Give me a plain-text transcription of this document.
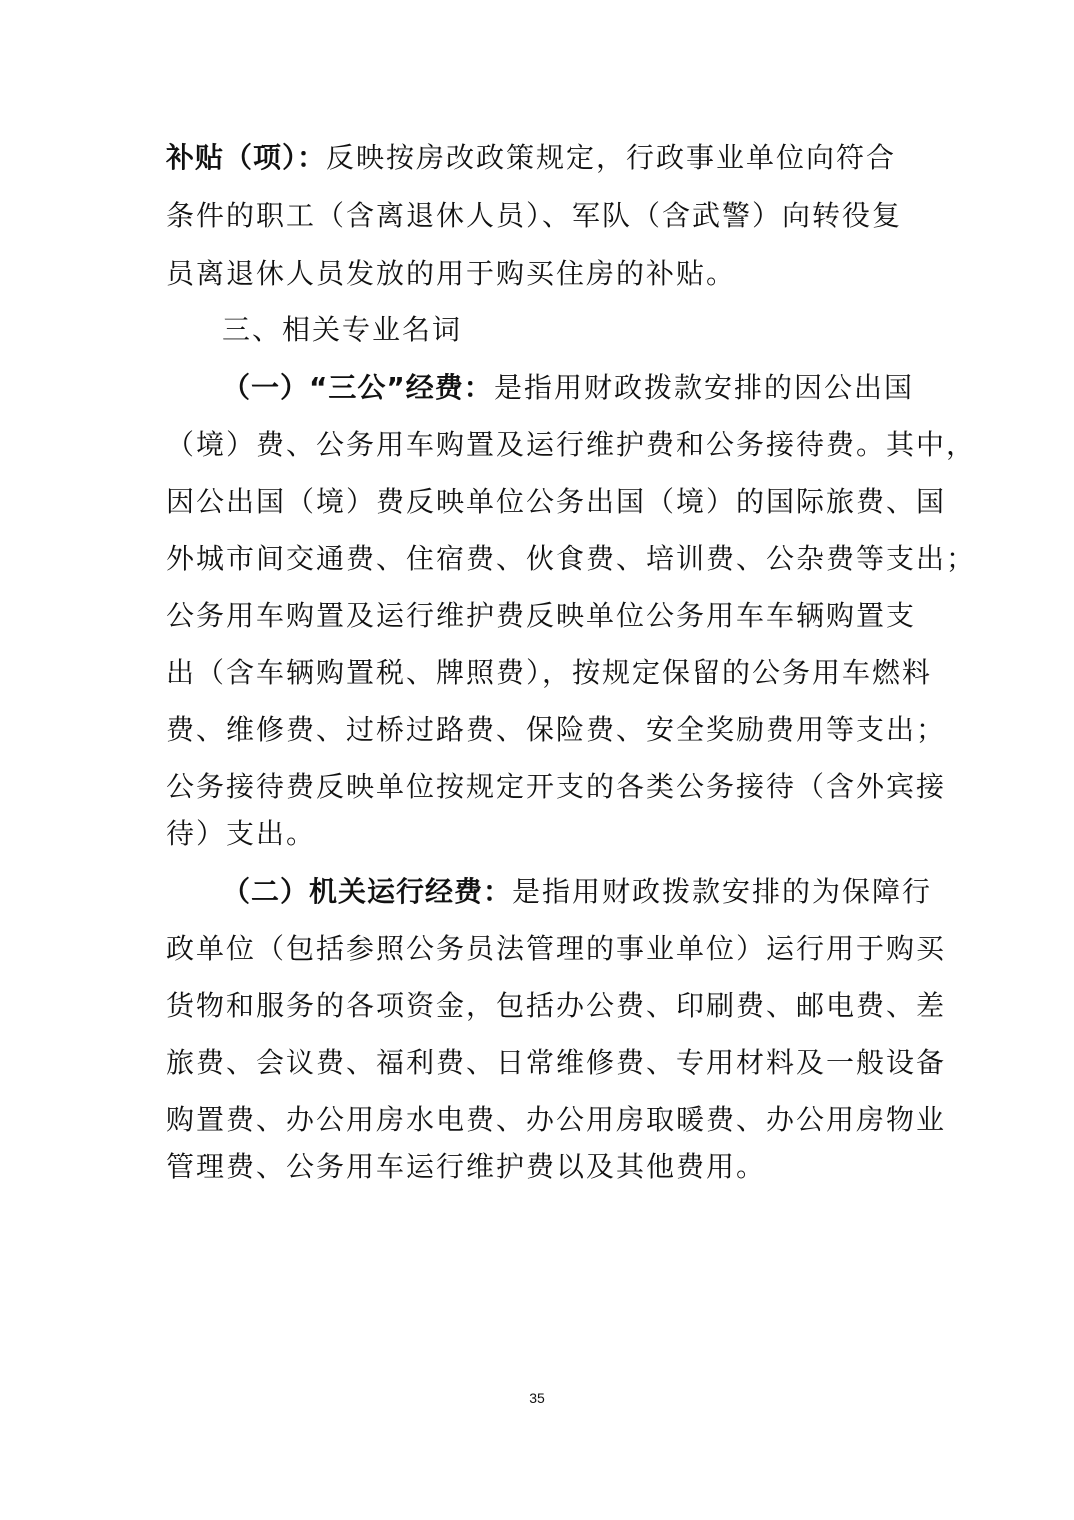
补贴（项）： 反映按房改政策规定，行政事业单位向符合
条件的职工（含离退休人员）、军队（含武警）向转役复
员离退休人员发放的用于购买住房的补贴。
三、相关专业名词
（一）“三公”经费： 是指用财政拨款安排的因公出国
（境）费、公务用车购置及运行维护费和公务接待费。其中，
因公出国（境）费反映单位公务出国（境）的国际旅费、国
外城市间交通费、住宿费、伙食费、培训费、公杂费等支出；
公务用车购置及运行维护费反映单位公务用车车辆购置支
出（含车辆购置税、牌照费），按规定保留的公务用车燃料
费、维修费、过桥过路费、保险费、安全奖励费用等支出；
公务接待费反映单位按规定开支的各类公务接待（含外宾接
待）支出。
（二）机关运行经费： 是指用财政拨款安排的为保障行
政单位（包括参照公务员法管理的事业单位）运行用于购买
货物和服务的各项资金，包括办公费、印刷费、邮电费、差
旅费、会议费、福利费、日常维修费、专用材料及一般设备
购置费、办公用房水电费、办公用房取暖费、办公用房物业
管理费、公务用车运行维护费以及其他费用。
35
